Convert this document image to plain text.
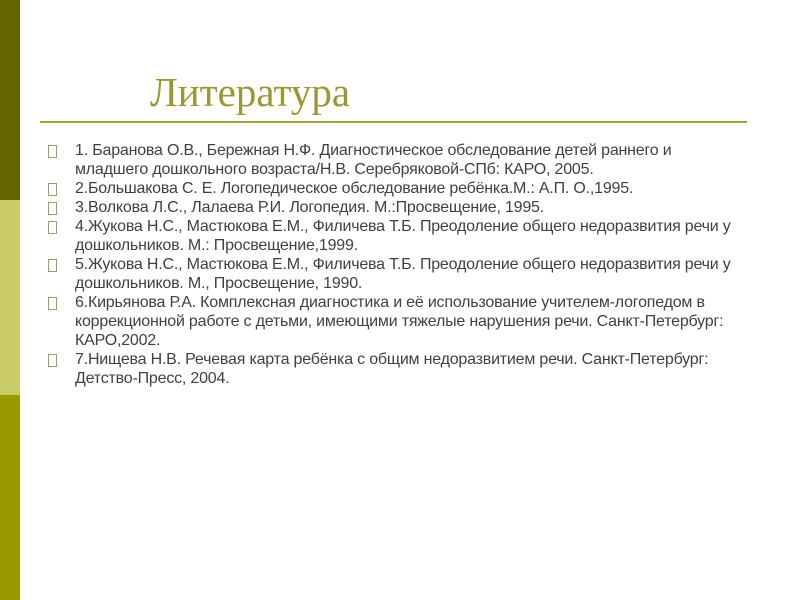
Литература
1. Баранова О.В., Бережная Н.Ф. Диагностическое обследование детей раннего и младшего дошкольного возраста/Н.В. Серебряковой-СПб: КАРО, 2005.
2.Большакова С. Е. Логопедическое обследование ребёнка.М.: А.П. О.,1995.
3.Волкова Л.С., Лалаева Р.И. Логопедия. М.:Просвещение, 1995.
4.Жукова Н.С., Мастюкова Е.М., Филичева Т.Б. Преодоление общего недоразвития речи у дошкольников. М.: Просвещение,1999.
5.Жукова Н.С., Мастюкова Е.М., Филичева Т.Б. Преодоление общего недоразвития речи у дошкольников. М., Просвещение, 1990.
6.Кирьянова Р.А. Комплексная диагностика и её использование учителем-логопедом в коррекционной работе с детьми, имеющими тяжелые нарушения речи. Санкт-Петербург: КАРО,2002.
7.Нищева Н.В. Речевая карта ребёнка с общим недоразвитием речи. Санкт-Петербург: Детство-Пресс, 2004.
